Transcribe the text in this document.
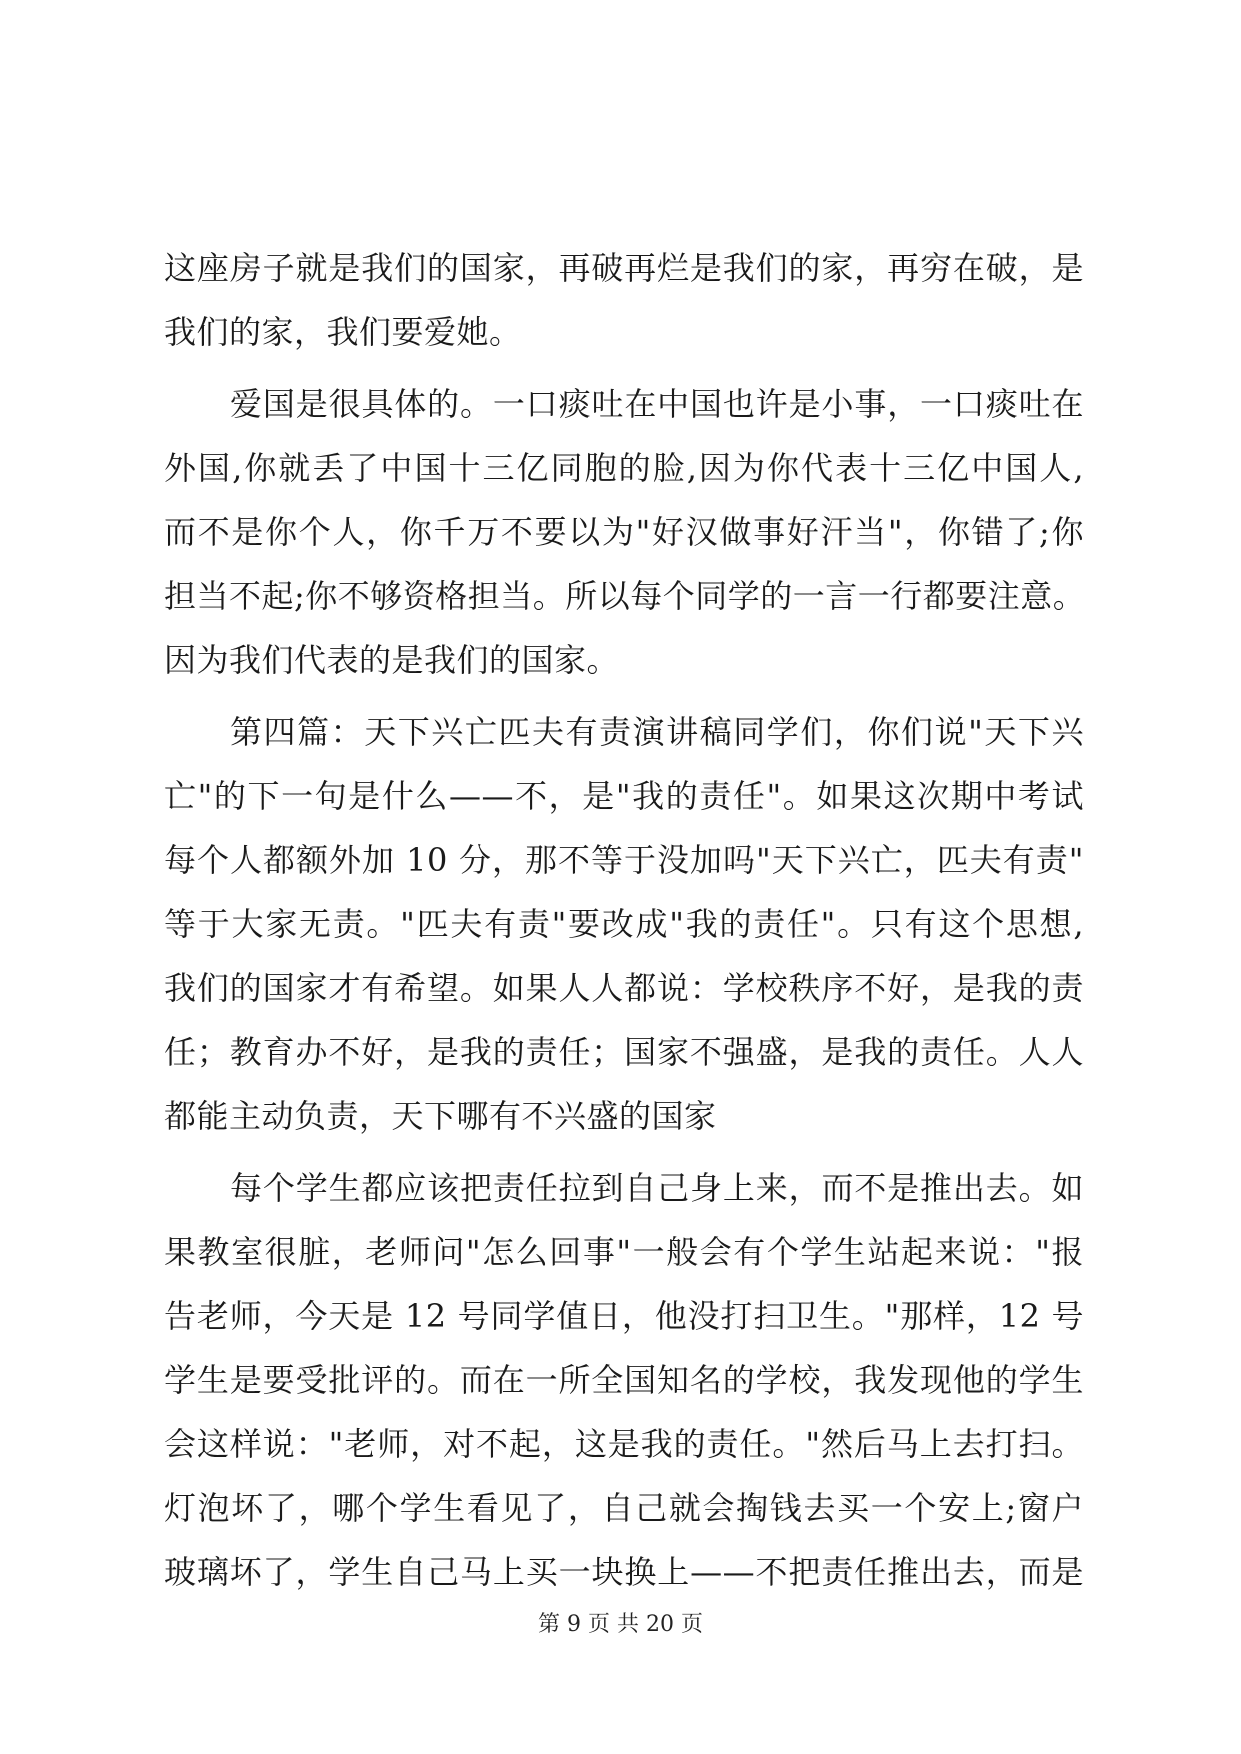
这座房子就是我们的国家，再破再烂是我们的家，再穷在破，是
我们的家，我们要爱她。
爱国是很具体的。一口痰吐在中国也许是小事，一口痰吐在
外国,你就丢了中国十三亿同胞的脸,因为你代表十三亿中国人,
而不是你个人，你千万不要以为"好汉做事好汗当"，你错了;你
担当不起;你不够资格担当。所以每个同学的一言一行都要注意。
因为我们代表的是我们的国家。
第四篇：天下兴亡匹夫有责演讲稿同学们，你们说"天下兴
亡"的下一句是什么——不，是"我的责任"。如果这次期中考试
每个人都额外加 10 分，那不等于没加吗"天下兴亡，匹夫有责"
等于大家无责。"匹夫有责"要改成"我的责任"。只有这个思想,
我们的国家才有希望。如果人人都说：学校秩序不好，是我的责
任；教育办不好，是我的责任；国家不强盛，是我的责任。人人
都能主动负责，天下哪有不兴盛的国家
每个学生都应该把责任拉到自己身上来，而不是推出去。如
果教室很脏，老师问"怎么回事"一般会有个学生站起来说："报
告老师，今天是 12 号同学值日，他没打扫卫生。"那样，12 号
学生是要受批评的。而在一所全国知名的学校，我发现他的学生
会这样说："老师，对不起，这是我的责任。"然后马上去打扫。
灯泡坏了，哪个学生看见了，自己就会掏钱去买一个安上;窗户
玻璃坏了，学生自己马上买一块换上——不把责任推出去，而是
第 9 页 共 20 页
